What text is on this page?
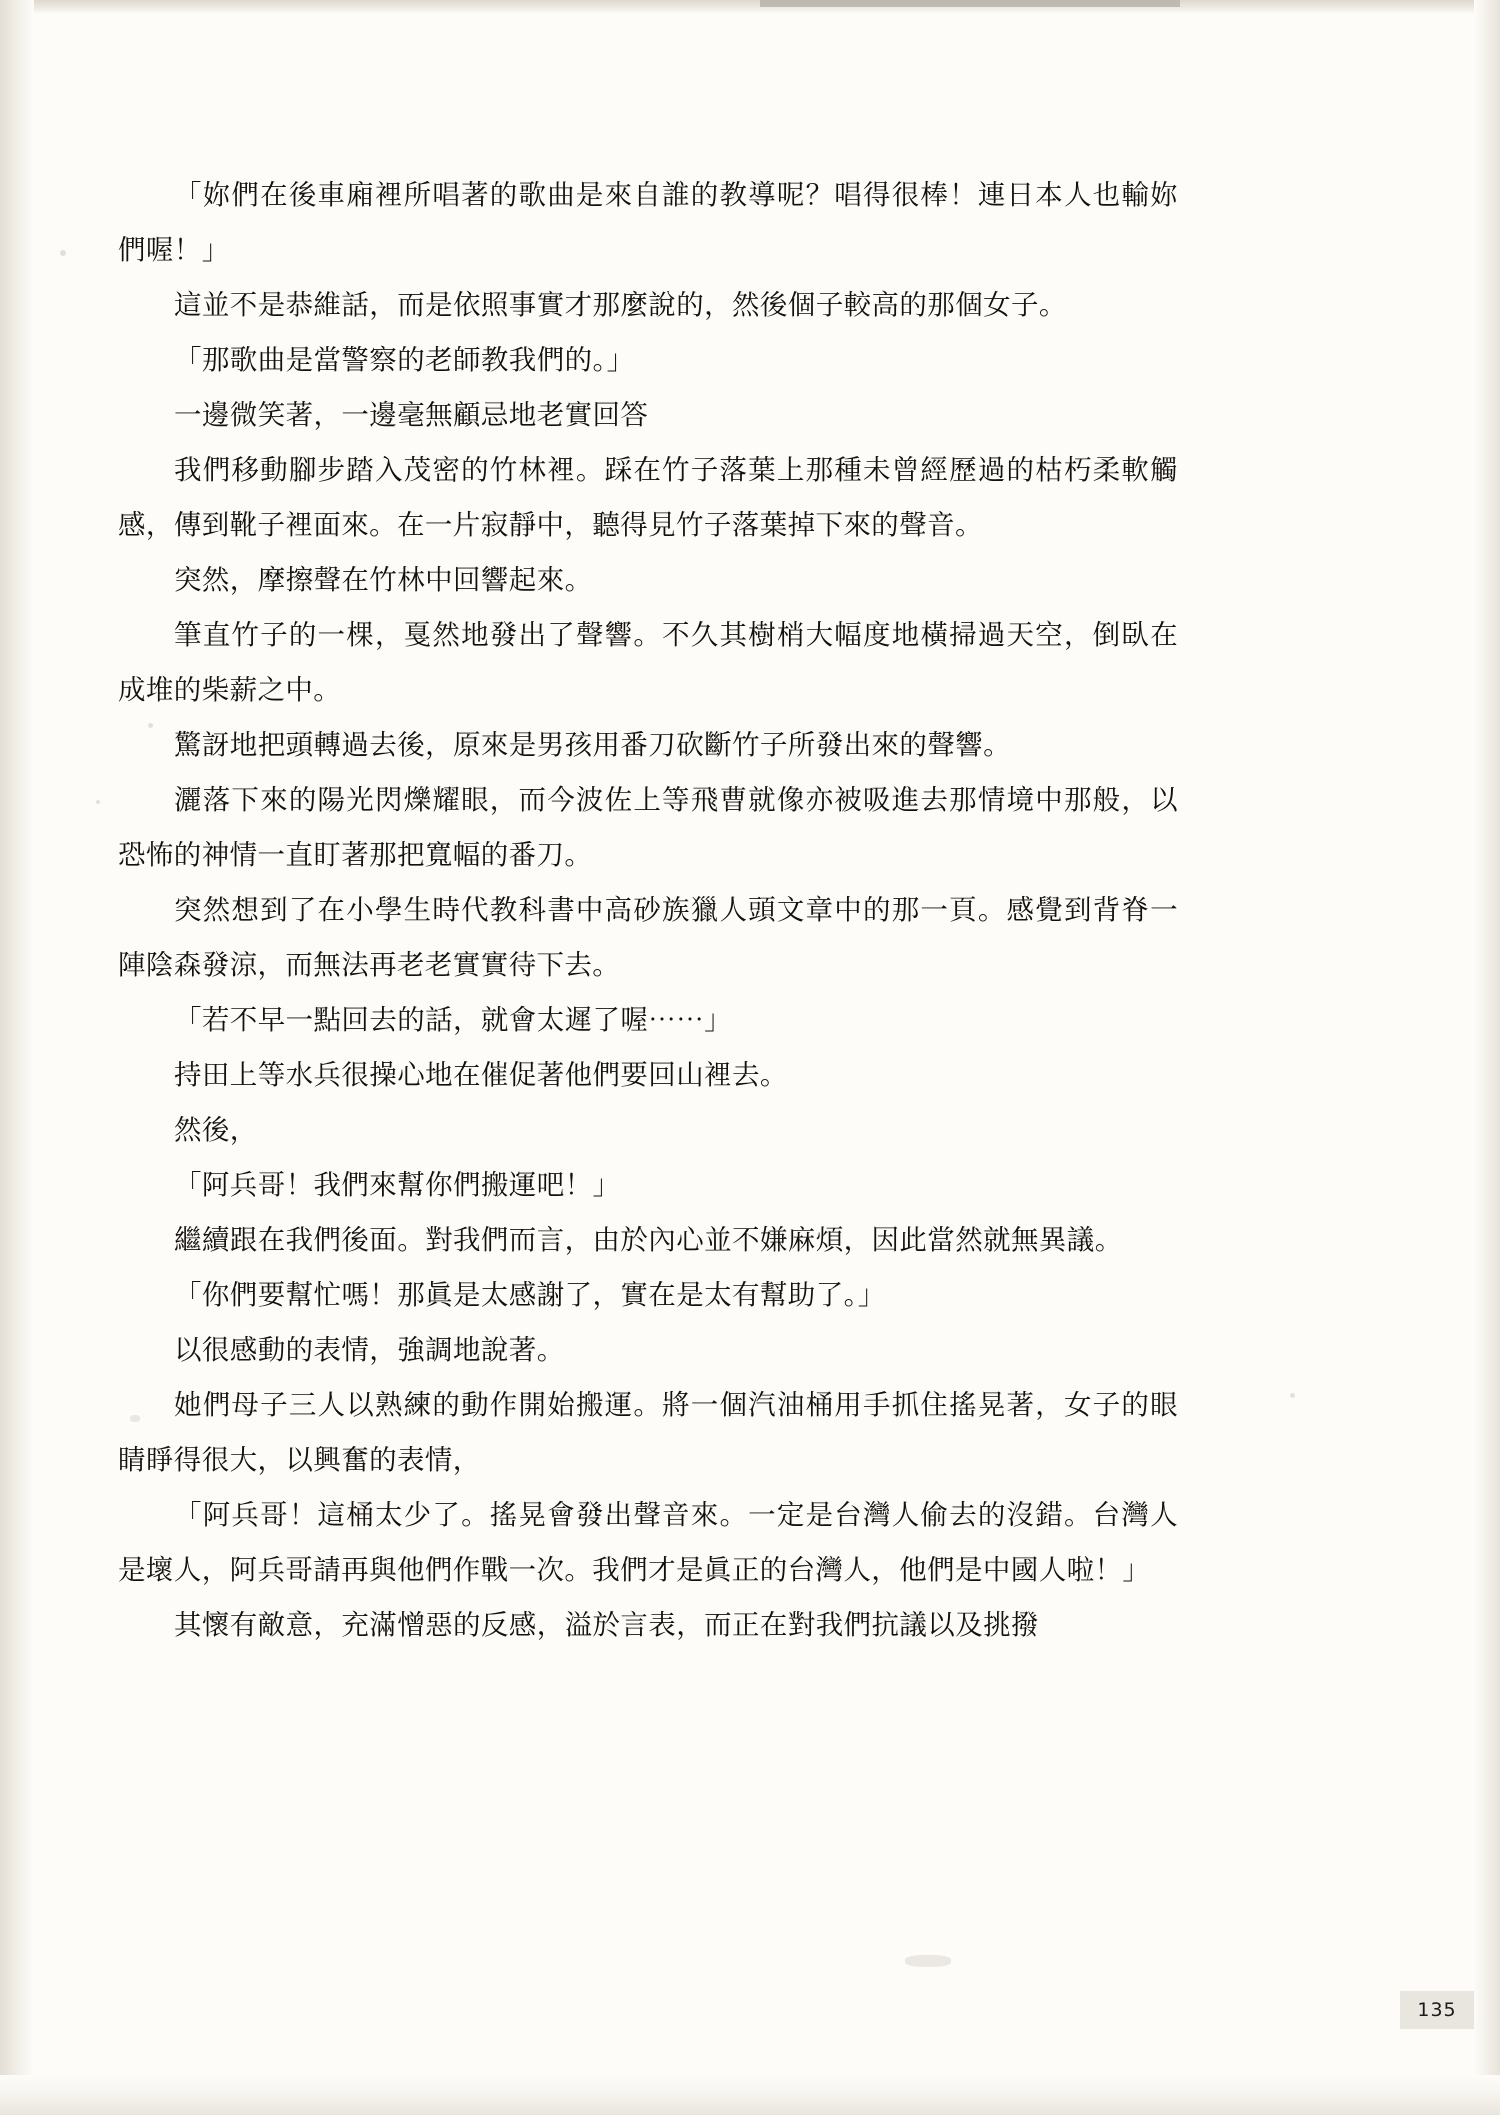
「妳們在後車廂裡所唱著的歌曲是來自誰的教導呢？唱得很棒！連日本人也輸妳們喔！」

這並不是恭維話，而是依照事實才那麼說的，然後個子較高的那個女子。

「那歌曲是當警察的老師教我們的。」

一邊微笑著，一邊毫無顧忌地老實回答

我們移動腳步踏入茂密的竹林裡。踩在竹子落葉上那種未曾經歷過的枯朽柔軟觸感，傳到靴子裡面來。在一片寂靜中，聽得見竹子落葉掉下來的聲音。

突然，摩擦聲在竹林中回響起來。

筆直竹子的一棵，戛然地發出了聲響。不久其樹梢大幅度地橫掃過天空，倒臥在成堆的柴薪之中。

驚訝地把頭轉過去後，原來是男孩用番刀砍斷竹子所發出來的聲響。

灑落下來的陽光閃爍耀眼，而今波佐上等飛曹就像亦被吸進去那情境中那般，以恐怖的神情一直盯著那把寬幅的番刀。

突然想到了在小學生時代教科書中高砂族獵人頭文章中的那一頁。感覺到背脊一陣陰森發涼，而無法再老老實實待下去。

「若不早一點回去的話，就會太遲了喔⋯⋯」

持田上等水兵很操心地在催促著他們要回山裡去。

然後，

「阿兵哥！我們來幫你們搬運吧！」

繼續跟在我們後面。對我們而言，由於內心並不嫌麻煩，因此當然就無異議。

「你們要幫忙嗎！那眞是太感謝了，實在是太有幫助了。」

以很感動的表情，強調地說著。

她們母子三人以熟練的動作開始搬運。將一個汽油桶用手抓住搖晃著，女子的眼睛睜得很大，以興奮的表情，

「阿兵哥！這桶太少了。搖晃會發出聲音來。一定是台灣人偷去的沒錯。台灣人是壞人，阿兵哥請再與他們作戰一次。我們才是眞正的台灣人，他們是中國人啦！」

其懷有敵意，充滿憎惡的反感，溢於言表，而正在對我們抗議以及挑撥

135
